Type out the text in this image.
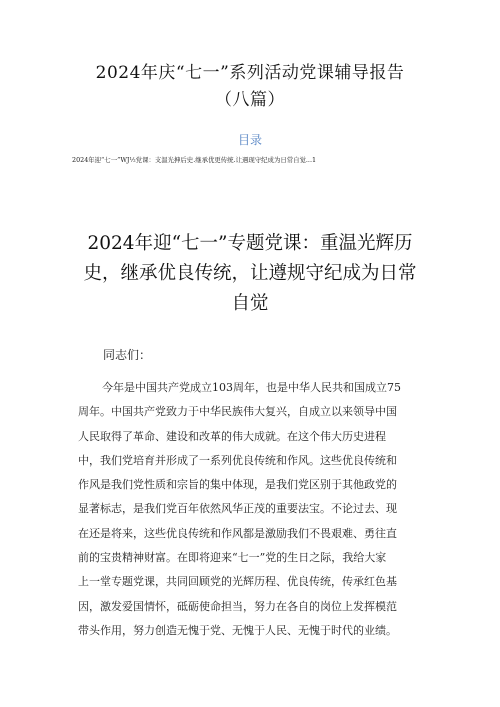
2024年庆“七一”系列活动党课辅导报告
（八篇）
目录
2024年迎“七一”WJ½党课：支温光抻后史.继承优更传统.让遇现守纪成为日常自觉...1
2024年迎“七一”专题党课：重温光辉历
史，继承优良传统，让遵规守纪成为日常
自觉
同志们：
今年是中国共产党成立103周年，也是中华人民共和国成立75
周年。中国共产党致力于中华民族伟大复兴，自成立以来领导中国
人民取得了革命、建设和改革的伟大成就。在这个伟大历史进程
中，我们党培育并形成了一系列优良传统和作风。这些优良传统和
作风是我们党性质和宗旨的集中体现，是我们党区别于其他政党的
显著标志，是我们党百年依然风华正茂的重要法宝。不论过去、现
在还是将来，这些优良传统和作风都是激励我们不畏艰难、勇往直
前的宝贵精神财富。在即将迎来“七一”党的生日之际，我给大家
上一堂专题党课，共同回顾党的光辉历程、优良传统，传承红色基
因，激发爱国情怀，砥砺使命担当，努力在各自的岗位上发挥模范
带头作用，努力创造无愧于党、无愧于人民、无愧于时代的业绩。
